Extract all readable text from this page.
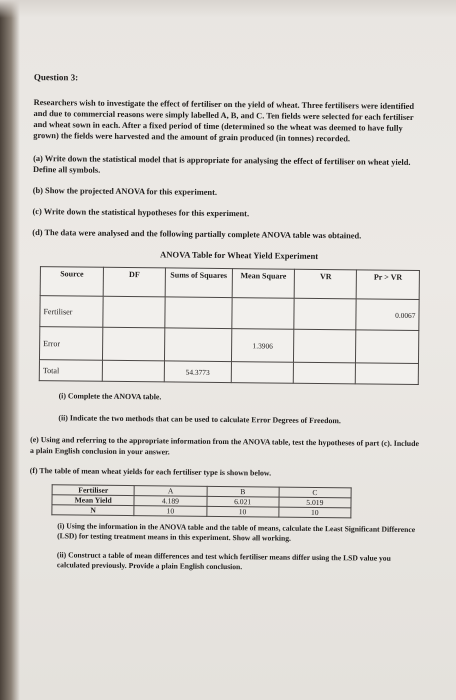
Question 3:

Researchers wish to investigate the effect of fertiliser on the yield of wheat. Three fertilisers were identified and due to commercial reasons were simply labelled A, B, and C. Ten fields were selected for each fertiliser and wheat sown in each. After a fixed period of time (determined so the wheat was deemed to have fully grown) the fields were harvested and the amount of grain produced (in tonnes) recorded.

(a) Write down the statistical model that is appropriate for analysing the effect of fertiliser on wheat yield. Define all symbols.

(b) Show the projected ANOVA for this experiment.

(c) Write down the statistical hypotheses for this experiment.

(d) The data were analysed and the following partially complete ANOVA table was obtained.

ANOVA Table for Wheat Yield Experiment

Source	DF	Sums of Squares	Mean Square	VR	Pr > VR
Fertiliser					0.0067
Error			1.3906		
Total		54.3773			

(i) Complete the ANOVA table.

(ii) Indicate the two methods that can be used to calculate Error Degrees of Freedom.

(e) Using and referring to the appropriate information from the ANOVA table, test the hypotheses of part (c). Include a plain English conclusion in your answer.

(f) The table of mean wheat yields for each fertiliser type is shown below.

Fertiliser	A	B	C
Mean Yield	4.189	6.021	5.019
N	10	10	10

(i) Using the information in the ANOVA table and the table of means, calculate the Least Significant Difference (LSD) for testing treatment means in this experiment. Show all working.

(ii) Construct a table of mean differences and test which fertiliser means differ using the LSD value you calculated previously. Provide a plain English conclusion.
